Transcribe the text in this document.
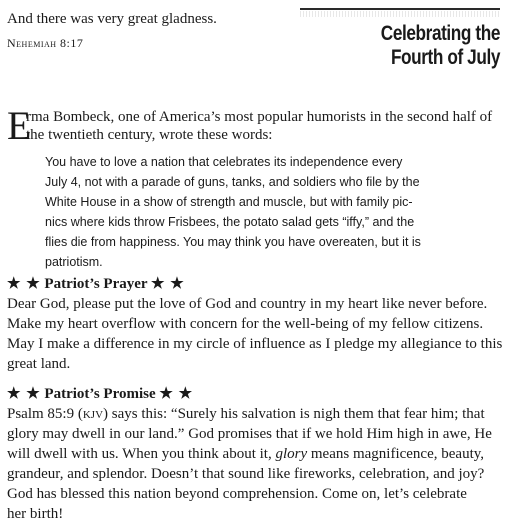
And there was very great gladness.
Nehemiah 8:17	Celebrating the
Fourth of July
E
rma Bombeck, one of America’s most popular humorists in the second half of
the twentieth century, wrote these words:
You have to love a nation that celebrates its independence every
July 4, not with a parade of guns, tanks, and soldiers who file by the
White House in a show of strength and muscle, but with family pic-
nics where kids throw Frisbees, the potato salad gets “iffy,” and the
flies die from happiness. You may think you have overeaten, but it is
patriotism.
★ ★ Patriot’s Prayer ★ ★
Dear God, please put the love of God and country in my heart like never before.
Make my heart overflow with concern for the well-being of my fellow citizens.
May I make a difference in my circle of influence as I pledge my allegiance to this
great land.
★ ★ Patriot’s Promise ★ ★
Psalm 85:9 (kjv) says this: “Surely his salvation is nigh them that fear him; that
glory may dwell in our land.” God promises that if we hold Him high in awe, He
will dwell with us. When you think about it, glory means magnificence, beauty,
grandeur, and splendor. Doesn’t that sound like fireworks, celebration, and joy?
God has blessed this nation beyond comprehension. Come on, let’s celebrate
her birth!
